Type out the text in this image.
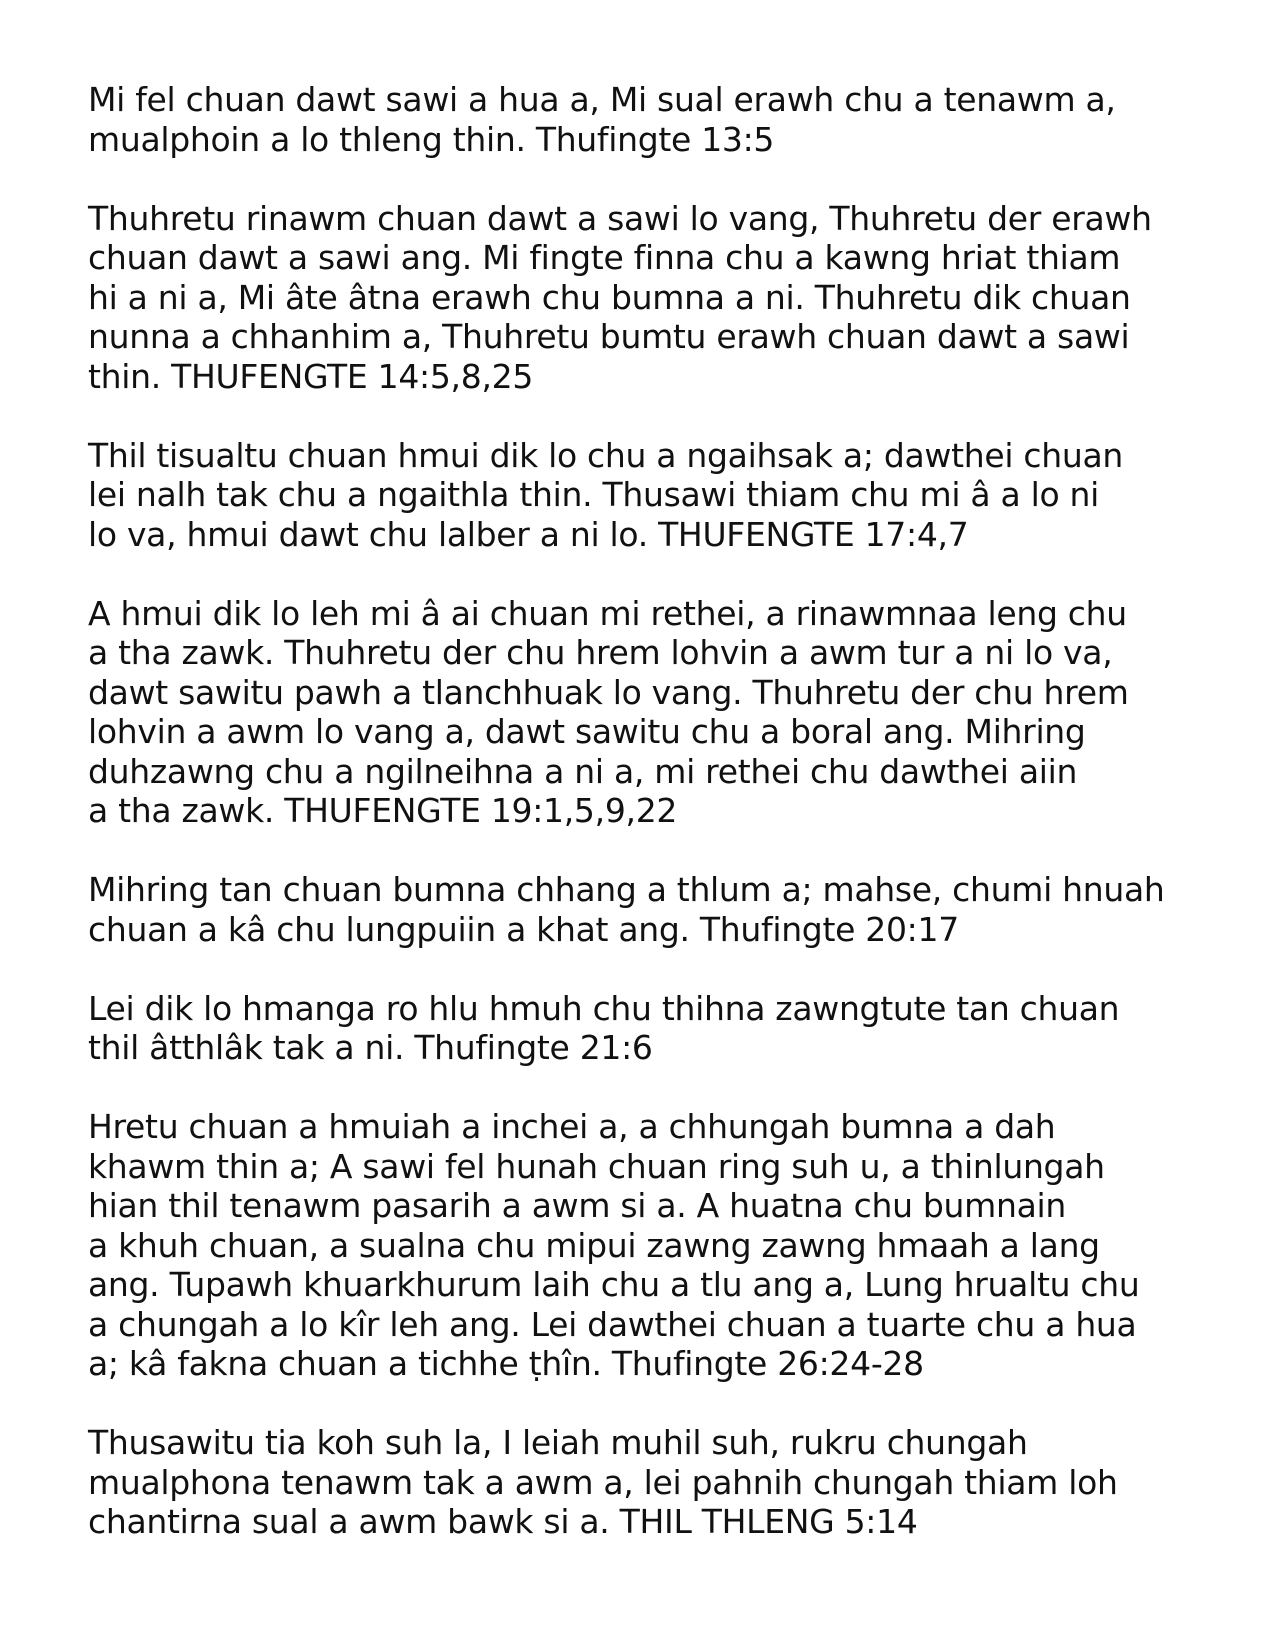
Mi fel chuan dawt sawi a hua a, Mi sual erawh chu a tenawm a,
mualphoin a lo thleng thin. Thufingte 13:5

Thuhretu rinawm chuan dawt a sawi lo vang, Thuhretu der erawh
chuan dawt a sawi ang. Mi fingte finna chu a kawng hriat thiam
hi a ni a, Mi âte âtna erawh chu bumna a ni. Thuhretu dik chuan
nunna a chhanhim a, Thuhretu bumtu erawh chuan dawt a sawi
thin. THUFENGTE 14:5,8,25

Thil tisualtu chuan hmui dik lo chu a ngaihsak a; dawthei chuan
lei nalh tak chu a ngaithla thin. Thusawi thiam chu mi â a lo ni
lo va, hmui dawt chu lalber a ni lo. THUFENGTE 17:4,7

A hmui dik lo leh mi â ai chuan mi rethei, a rinawmnaa leng chu
a tha zawk. Thuhretu der chu hrem lohvin a awm tur a ni lo va,
dawt sawitu pawh a tlanchhuak lo vang. Thuhretu der chu hrem
lohvin a awm lo vang a, dawt sawitu chu a boral ang. Mihring
duhzawng chu a ngilneihna a ni a, mi rethei chu dawthei aiin
a tha zawk. THUFENGTE 19:1,5,9,22

Mihring tan chuan bumna chhang a thlum a; mahse, chumi hnuah
chuan a kâ chu lungpuiin a khat ang. Thufingte 20:17

Lei dik lo hmanga ro hlu hmuh chu thihna zawngtute tan chuan
thil âtthlâk tak a ni. Thufingte 21:6

Hretu chuan a hmuiah a inchei a, a chhungah bumna a dah
khawm thin a; A sawi fel hunah chuan ring suh u, a thinlungah
hian thil tenawm pasarih a awm si a. A huatna chu bumnain
a khuh chuan, a sualna chu mipui zawng zawng hmaah a lang
ang. Tupawh khuarkhurum laih chu a tlu ang a, Lung hrualtu chu
a chungah a lo kîr leh ang. Lei dawthei chuan a tuarte chu a hua
a; kâ fakna chuan a tichhe ṭhîn. Thufingte 26:24-28

Thusawitu tia koh suh la, I leiah muhil suh, rukru chungah
mualphona tenawm tak a awm a, lei pahnih chungah thiam loh
chantirna sual a awm bawk si a. THIL THLENG 5:14
